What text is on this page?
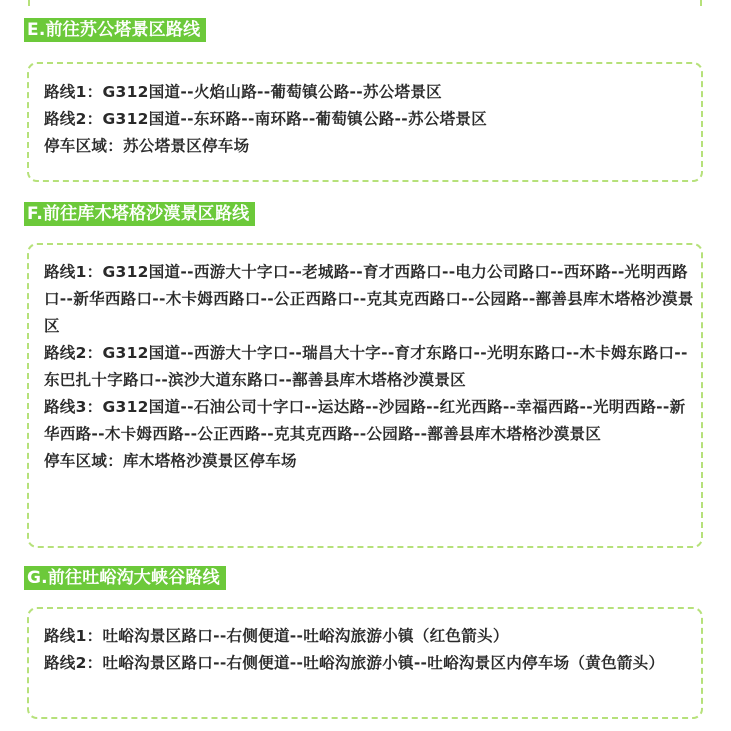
E.前往苏公塔景区路线
路线1：G312国道--火焰山路--葡萄镇公路--苏公塔景区
路线2：G312国道--东环路--南环路--葡萄镇公路--苏公塔景区
停车区域：苏公塔景区停车场
F.前往库木塔格沙漠景区路线
路线1：G312国道--西游大十字口--老城路--育才西路口--电力公司路口--西环路--光明西路口--新华西路口--木卡姆西路口--公正西路口--克其克西路口--公园路--鄯善县库木塔格沙漠景区
路线2：G312国道--西游大十字口--瑞昌大十字--育才东路口--光明东路口--木卡姆东路口--东巴扎十字路口--滨沙大道东路口--鄯善县库木塔格沙漠景区
路线3：G312国道--石油公司十字口--运达路--沙园路--红光西路--幸福西路--光明西路--新华西路--木卡姆西路--公正西路--克其克西路--公园路--鄯善县库木塔格沙漠景区
停车区域：库木塔格沙漠景区停车场
G.前往吐峪沟大峡谷路线
路线1：吐峪沟景区路口--右侧便道--吐峪沟旅游小镇（红色箭头）
路线2：吐峪沟景区路口--右侧便道--吐峪沟旅游小镇--吐峪沟景区内停车场（黄色箭头）
